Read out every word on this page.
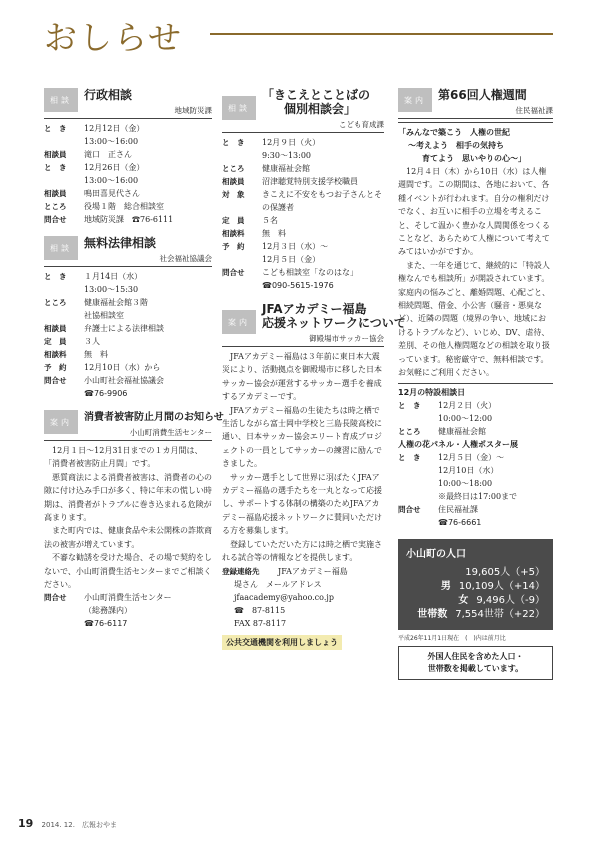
おしらせ
相談	行政相談
地域防災課
と　き	12月12日（金）
13:00〜16:00
相談員	滝口　正さん
と　き	12月26日（金）
13:00〜16:00
相談員	鳴田喜見代さん
ところ	役場１階　総合相談室
問合せ	地域防災課　☎76-6111
相談	無料法律相談
社会福祉協議会
と　き	１月14日（水）
13:00〜15:30
ところ	健康福祉会館３階
社協相談室
相談員	弁護士による法律相談
定　員	３人
相談料	無　料
予　約	12月10日（水）から
問合せ	小山町社会福祉協議会
☎76-9906
案内	消費者被害防止月間のお知らせ
小山町消費生活センター
12月１日〜12月31日までの１カ月間は、「消費者被害防止月間」です。
悪質商法による消費者被害は、消費者の心の隙に付け込み手口が多く、特に年末の慌しい時期は、消費者がトラブルに巻き込まれる危険が高まります。
また町内では、健康食品や未公開株の詐欺商法の被害が増えています。
不審な勧誘を受けた場合、その場で契約をしないで、小山町消費生活センターまでご相談ください。
問合せ	小山町消費生活センター
（総務課内）
☎76-6117
相談
「きこえとことばの
個別相談会」
こども育成課
と　き	12月９日（火）
9:30〜13:00
ところ	健康福祉会館
相談員	沼津聴覚特別支援学校職員
対　象	きこえに不安をもつお子さんとその保護者
定　員	５名
相談料	無　料
予　約	12月３日（水）〜
12月５日（金）
問合せ	こども相談室「なのはな」
☎090-5615-1976
案内
JFAアカデミー福島
応援ネットワークについて
御殿場市サッカー協会
JFAアカデミー福島は３年前に東日本大震災により、活動拠点を御殿場市に移した日本サッカー協会が運営するサッカー選手を養成するアカデミーです。
JFAアカデミー福島の生徒たちは時之栖で生活しながら富士岡中学校と三島長陵高校に通い、日本サッカー協会エリート育成プロジェクトの一員としてサッカーの練習に励んできました。
サッカー選手として世界に羽ばたくJFAアカデミー福島の選手たちを一丸となって応援し、サポートする体制の構築のためJFAアカデミー福島応援ネットワークに賛同いただける方を募集します。
登録していただいた方には時之栖で実施される試合等の情報などを提供します。
登録連絡先	JFAアカデミー福島
堤さん　メールアドレス
jfaacademy@yahoo.co.jp
☎　87-8115
FAX 87-8117
公共交通機関を利用しましょう
案内	第66回人権週間
住民福祉課
「みんなで築こう　人権の世紀
〜考えよう　相手の気持ち
育てよう　思いやりの心〜」
12月４日（木）から10日（水）は人権週間です。この期間は、各地において、各種イベントが行われます。自分の権利だけでなく、お互いに相手の立場を考えること、そして温かく豊かな人間関係をつくることなど、あらためて人権について考えてみてはいかがですか。
また、一年を通じて、継続的に「特設人権なんでも相談所」が開設されています。家庭内の悩みごと、離婚問題、心配ごと、相続問題、借金、小公害（騒音・悪臭など）、近隣の問題（境界の争い、地域におけるトラブルなど）、いじめ、DV、虐待、差別、その他人権問題などの相談を取り扱っています。秘密厳守で、無料相談です。お気軽にご利用ください。
12月の特設相談日
と　き	12月２日（火）
10:00〜12:00
ところ	健康福祉会館
人権の花パネル・人権ポスター展
と　き	12月５日（金）〜
12月10日（水）
10:00〜18:00
※最終日は17:00まで
問合せ	住民福祉課
☎76-6661
小山町の人口
19,605人（+5）
男 10,109人（+14）
女 9,496人（-9）
世帯数 7,554世帯（+22）
平成26年11月1日現在　(　)内は前月比
外国人住民を含めた人口・
世帯数を掲載しています。
19 2014. 12.　広報おやま
